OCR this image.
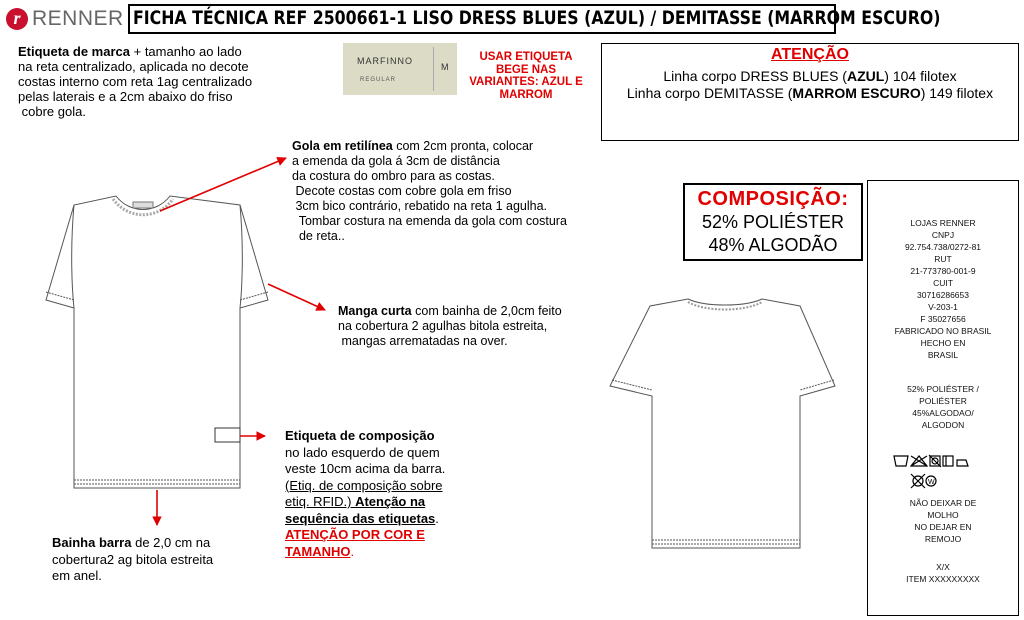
r RENNER FICHA TÉCNICA REF 2500661-1 LISO DRESS BLUES (AZUL) / DEMITASSE (MARROM ESCURO)
W
Etiqueta de marca + tamanho ao lado
na reta centralizado, aplicada no decote
costas interno com reta 1ag centralizado
pelas laterais e a 2cm abaixo do friso
cobre gola.
MARFINNO
REGULAR
M
USAR ETIQUETA
BEGE NAS
VARIANTES: AZUL E
MARROM
ATENÇÃO
Linha corpo DRESS BLUES (AZUL) 104 filotex
Linha corpo DEMITASSE (MARROM ESCURO) 149 filotex
Gola em retilínea com 2cm pronta, colocar
a emenda da gola á 3cm de distância
da costura do ombro para as costas.
Decote costas com cobre gola em friso
3cm bico contrário, rebatido na reta 1 agulha.
Tombar costura na emenda da gola com costura
de reta..
Manga curta com bainha de 2,0cm feito
na cobertura 2 agulhas bitola estreita,
mangas arrematadas na over.
Etiqueta de composição
no lado esquerdo de quem
veste 10cm acima da barra.
(Etiq. de composição sobre
etiq. RFID.) Atenção na
sequência das etiquetas.
ATENÇÃO POR COR E
TAMANHO.
Bainha barra de 2,0 cm na
cobertura2 ag bitola estreita
em anel.
COMPOSIÇÃO:
52% POLIÉSTER
48% ALGODÃO
LOJAS RENNER
CNPJ
92.754.738/0272-81
RUT
21-773780-001-9
CUIT
30716286653
V-203-1
F 35027656
FABRICADO NO BRASIL
HECHO EN
BRASIL
52% POLIÉSTER /
POLIÉSTER
45%ALGODAO/
ALGODON
NÃO DEIXAR DE
MOLHO
NO DEJAR EN
REMOJO
X/X
ITEM XXXXXXXXX
